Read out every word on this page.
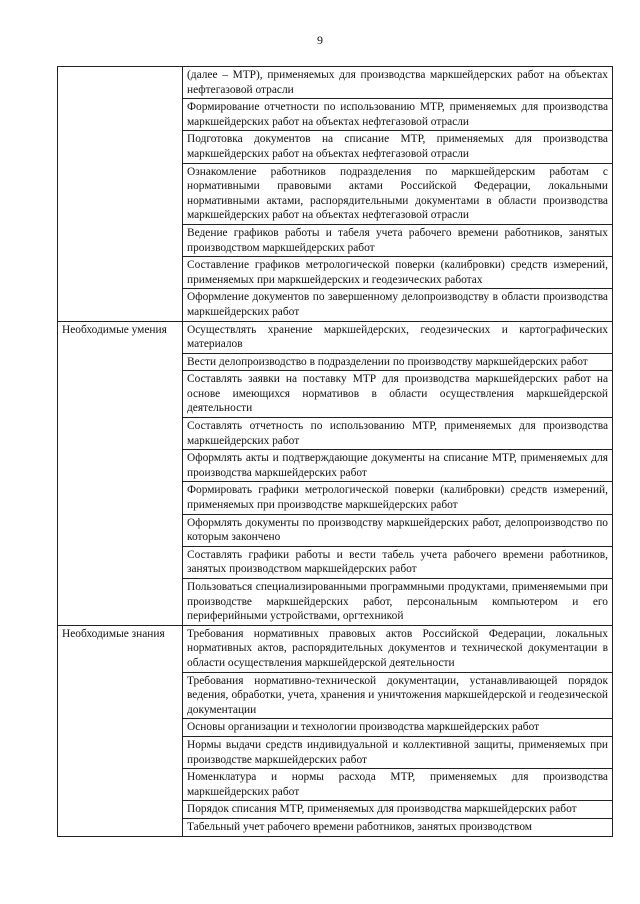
9
	(далее – МТР), применяемых для производства маркшейдерских работ на объектах нефтегазовой отрасли
	Формирование отчетности по использованию МТР, применяемых для производства маркшейдерских работ на объектах нефтегазовой отрасли
	Подготовка документов на списание МТР, применяемых для производства маркшейдерских работ на объектах нефтегазовой отрасли
	Ознакомление работников подразделения по маркшейдерским работам с нормативными правовыми актами Российской Федерации, локальными нормативными актами, распорядительными документами в области производства маркшейдерских работ на объектах нефтегазовой отрасли
	Ведение графиков работы и табеля учета рабочего времени работников, занятых производством маркшейдерских работ
	Составление графиков метрологической поверки (калибровки) средств измерений, применяемых при маркшейдерских и геодезических работах
	Оформление документов по завершенному делопроизводству в области производства маркшейдерских работ
Необходимые умения	Осуществлять хранение маркшейдерских, геодезических и картографических материалов
	Вести делопроизводство в подразделении по производству маркшейдерских работ
	Составлять заявки на поставку МТР для производства маркшейдерских работ на основе имеющихся нормативов в области осуществления маркшейдерской деятельности
	Составлять отчетность по использованию МТР, применяемых для производства маркшейдерских работ
	Оформлять акты и подтверждающие документы на списание МТР, применяемых для производства маркшейдерских работ
	Формировать графики метрологической поверки (калибровки) средств измерений, применяемых при производстве маркшейдерских работ
	Оформлять документы по производству маркшейдерских работ, делопроизводство по которым закончено
	Составлять графики работы и вести табель учета рабочего времени работников, занятых производством маркшейдерских работ
	Пользоваться специализированными программными продуктами, применяемыми при производстве маркшейдерских работ, персональным компьютером и его периферийными устройствами, оргтехникой
Необходимые знания	Требования нормативных правовых актов Российской Федерации, локальных нормативных актов, распорядительных документов и технической документации в области осуществления маркшейдерской деятельности
	Требования нормативно-технической документации, устанавливающей порядок ведения, обработки, учета, хранения и уничтожения маркшейдерской и геодезической документации
	Основы организации и технологии производства маркшейдерских работ
	Нормы выдачи средств индивидуальной и коллективной защиты, применяемых при производстве маркшейдерских работ
	Номенклатура и нормы расхода МТР, применяемых для производства маркшейдерских работ
	Порядок списания МТР, применяемых для производства маркшейдерских работ
	Табельный учет рабочего времени работников, занятых производством
